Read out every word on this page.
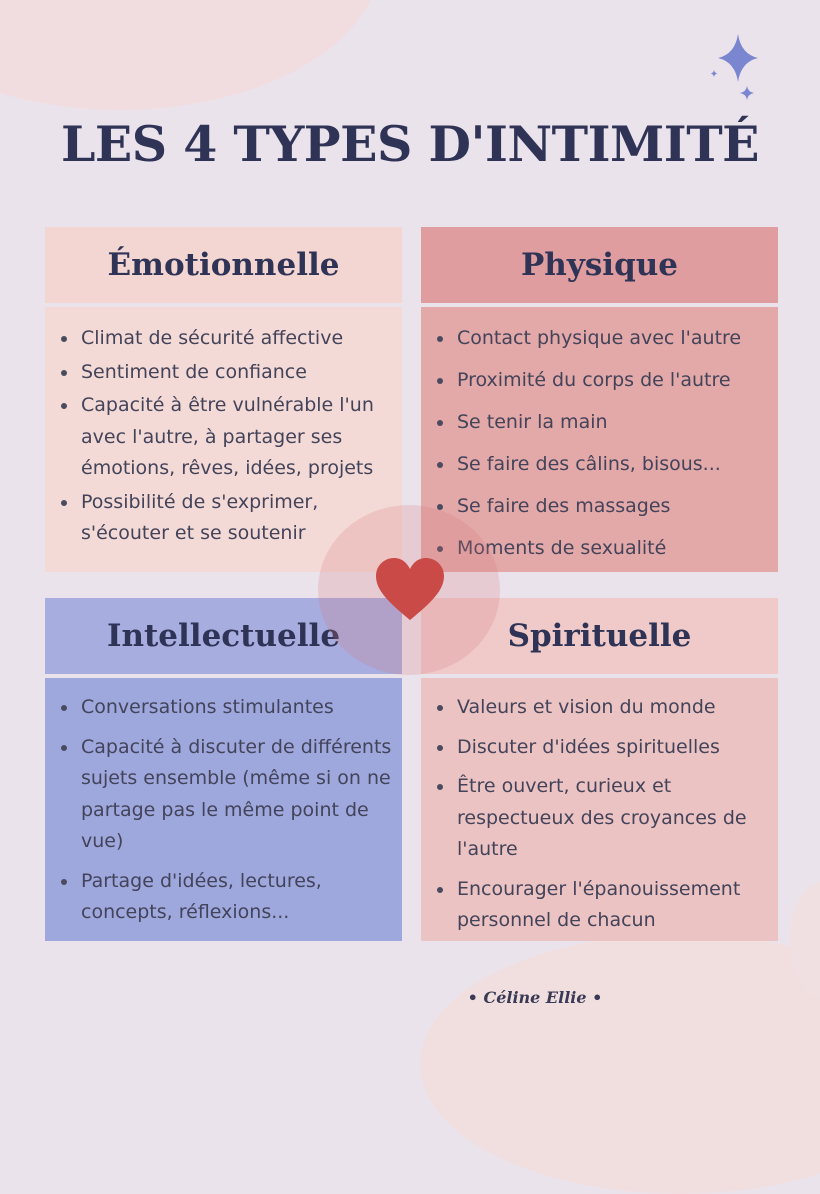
LES 4 TYPES D'INTIMITÉ
Émotionnelle
Climat de sécurité affective
Sentiment de confiance
Capacité à être vulnérable l'un avec l'autre, à partager ses émotions, rêves, idées, projets
Possibilité de s'exprimer, s'écouter et se soutenir
Physique
Contact physique avec l'autre
Proximité du corps de l'autre
Se tenir la main
Se faire des câlins, bisous...
Se faire des massages
Moments de sexualité
Intellectuelle
Conversations stimulantes
Capacité à discuter de différents sujets ensemble (même si on ne partage pas le même point de vue)
Partage d'idées, lectures, concepts, réflexions...
Spirituelle
Valeurs et vision du monde
Discuter d'idées spirituelles
Être ouvert, curieux et respectueux des croyances de l'autre
Encourager l'épanouissement personnel de chacun

• Céline Ellie •
